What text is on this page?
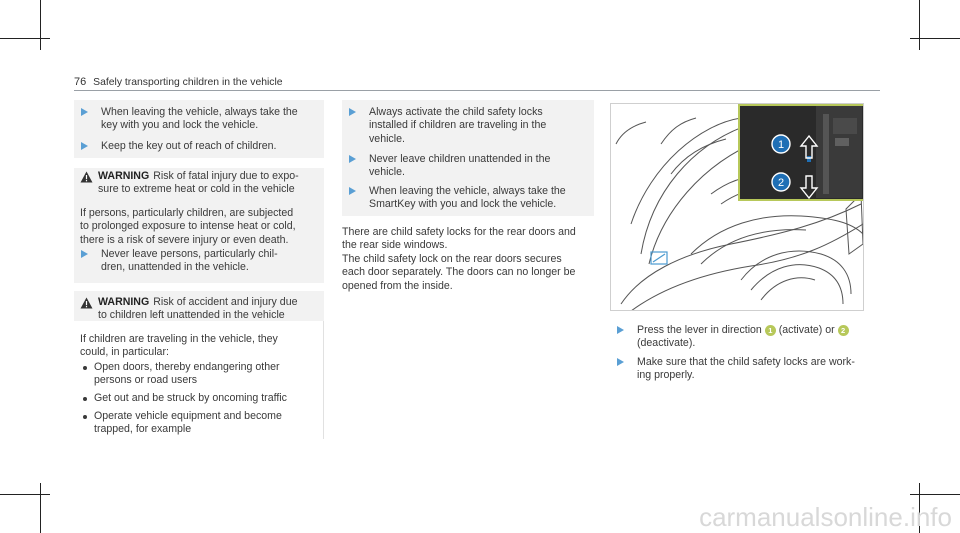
76 Safely transporting children in the vehicle
When leaving the vehicle, always take the
key with you and lock the vehicle.
Keep the key out of reach of children.
WARNING Risk of fatal injury due to expo-
sure to extreme heat or cold in the vehicle
If persons, particularly children, are subjected
to prolonged exposure to intense heat or cold,
there is a risk of severe injury or even death.
Never leave persons, particularly chil-
dren, unattended in the vehicle.
WARNING Risk of accident and injury due
to children left unattended in the vehicle
If children are traveling in the vehicle, they
could, in particular:
Open doors, thereby endangering other
persons or road users
Get out and be struck by oncoming traffic
Operate vehicle equipment and become
trapped, for example
Always activate the child safety locks
installed if children are traveling in the
vehicle.
Never leave children unattended in the
vehicle.
When leaving the vehicle, always take the
SmartKey with you and lock the vehicle.
There are child safety locks for the rear doors and
the rear side windows.
The child safety lock on the rear doors secures
each door separately. The doors can no longer be
opened from the inside.
1
2
Press the lever in direction 1 (activate) or 2
(deactivate).
Make sure that the child safety locks are work-
ing properly.
carmanualsonline.info
